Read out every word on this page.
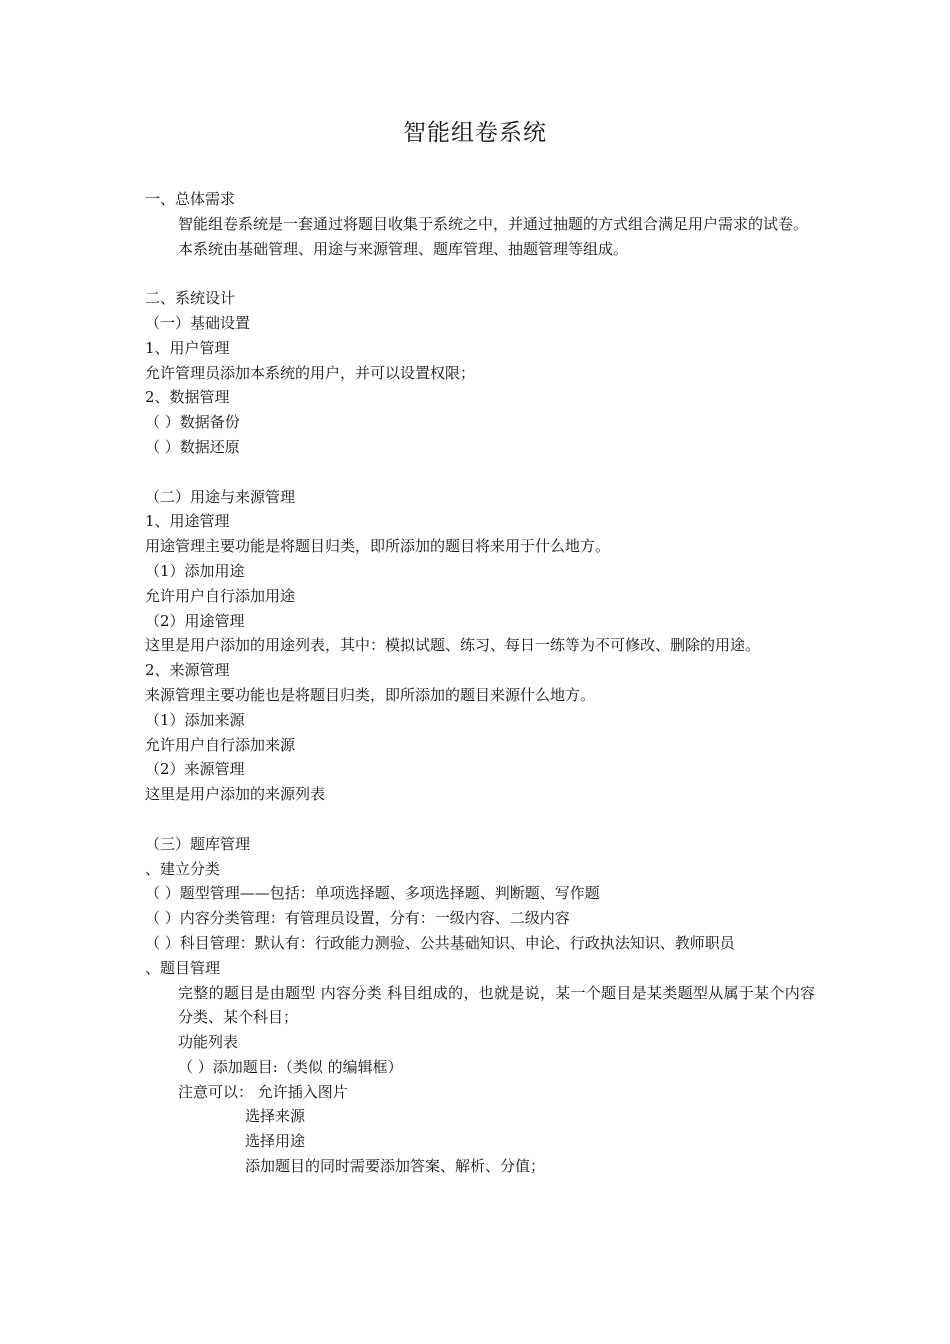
智能组卷系统
一、总体需求
智能组卷系统是一套通过将题目收集于系统之中，并通过抽题的方式组合满足用户需求的试卷。
本系统由基础管理、用途与来源管理、题库管理、抽题管理等组成。
二、系统设计
（一）基础设置
1、用户管理
允许管理员添加本系统的用户，并可以设置权限；
2、数据管理
（ ）数据备份
（ ）数据还原
（二）用途与来源管理
1、用途管理
用途管理主要功能是将题目归类，即所添加的题目将来用于什么地方。
（1）添加用途
允许用户自行添加用途
（2）用途管理
这里是用户添加的用途列表，其中：模拟试题、练习、每日一练等为不可修改、删除的用途。
2、来源管理
来源管理主要功能也是将题目归类，即所添加的题目来源什么地方。
（1）添加来源
允许用户自行添加来源
（2）来源管理
这里是用户添加的来源列表
（三）题库管理
、建立分类
（ ）题型管理——包括：单项选择题、多项选择题、判断题、写作题
（ ）内容分类管理：有管理员设置，分有：一级内容、二级内容
（ ）科目管理：默认有：行政能力测验、公共基础知识、申论、行政执法知识、教师职员
、题目管理
完整的题目是由题型 内容分类 科目组成的，也就是说，某一个题目是某类题型从属于某个内容分类、某个科目；
功能列表
（ ）添加题目:（类似 的编辑框）
注意可以： 允许插入图片
选择来源
选择用途
添加题目的同时需要添加答案、解析、分值；
